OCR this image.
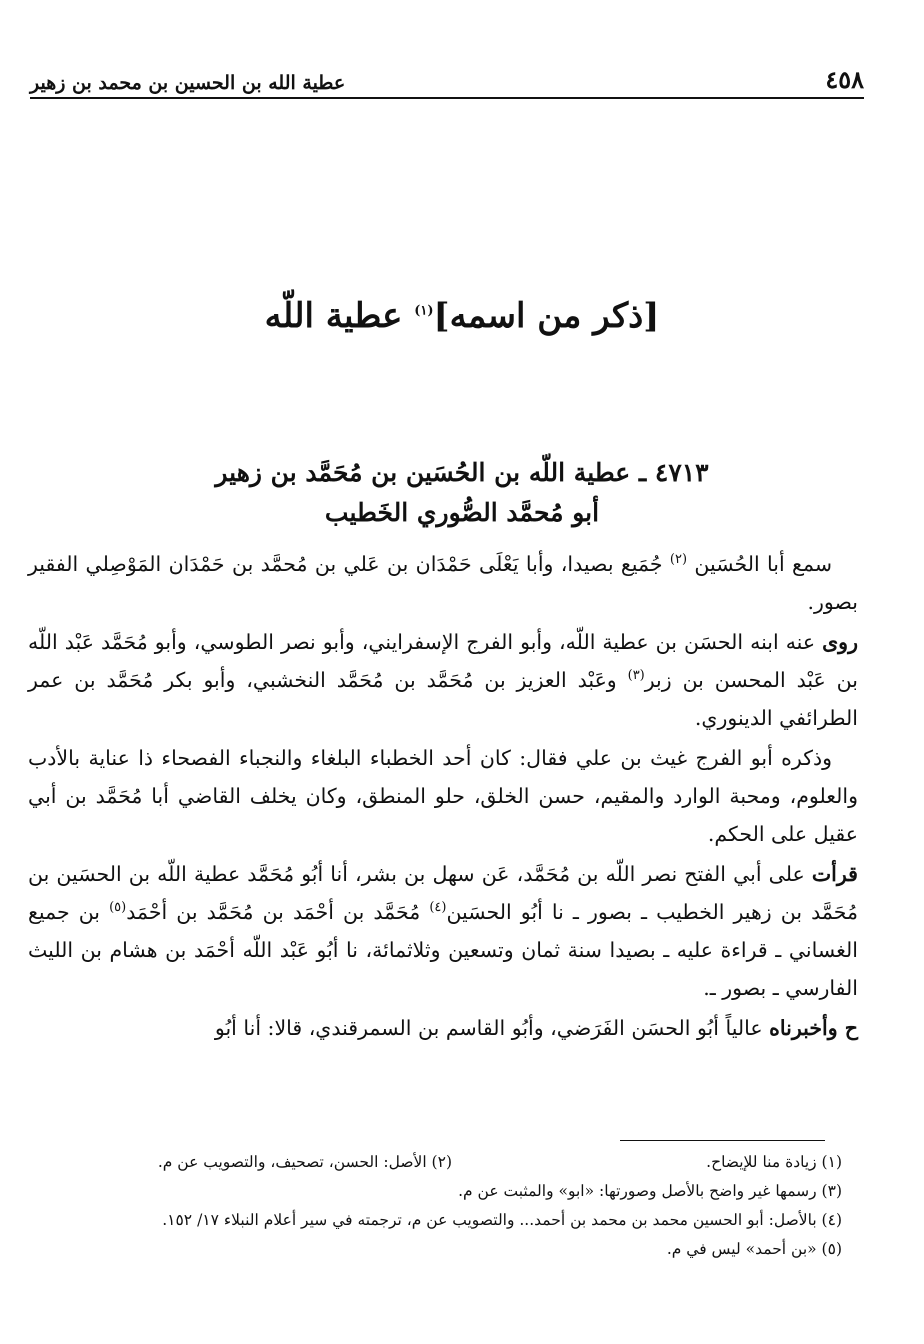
٤٥٨
عطية الله بن الحسين بن محمد بن زهير
[ذكر من اسمه]$^{(١)}$ عطية اللّه
٤٧١٣ ـ عطية اللّه بن الحُسَين بن مُحَمَّد بن زهير
أبو مُحمَّد الصُّوري الخَطيب

سمع أبا الحُسَين $^{(٢)}$ جُمَيع بصيدا، وأبا يَعْلَى حَمْدَان بن عَلي بن مُحمَّد بن حَمْدَان المَوْصِلي الفقير بصور.

روى عنه ابنه الحسَن بن عطية اللّه، وأبو الفرج الإسفرايني، وأبو نصر الطوسي، وأبو مُحَمَّد عَبْد اللّه بن عَبْد المحسن بن زبر$^{(٣)}$ وعَبْد العزيز بن مُحَمَّد بن مُحَمَّد النخشبي، وأبو بكر مُحَمَّد بن عمر الطرائفي الدينوري.

وذكره أبو الفرج غيث بن علي فقال: كان أحد الخطباء البلغاء والنجباء الفصحاء ذا عناية بالأدب والعلوم، ومحبة الوارد والمقيم، حسن الخلق، حلو المنطق، وكان يخلف القاضي أبا مُحَمَّد بن أبي عقيل على الحكم.

قرأت على أبي الفتح نصر اللّه بن مُحَمَّد، عَن سهل بن بشر، أنا أبُو مُحَمَّد عطية اللّه بن الحسَين بن مُحَمَّد بن زهير الخطيب ـ بصور ـ نا أبُو الحسَين$^{(٤)}$ مُحَمَّد بن أحْمَد بن مُحَمَّد بن أحْمَد$^{(٥)}$ بن جميع الغساني ـ قراءة عليه ـ بصيدا سنة ثمان وتسعين وثلاثمائة، نا أبُو عَبْد اللّه أحْمَد بن هشام بن الليث الفارسي ـ بصور ـ.

ح وأخبرناه عالياً أبُو الحسَن الفَرَضي، وأبُو القاسم بن السمرقندي، قالا: أنا أبُو

(١) زيادة منا للإيضاح.
(٢) الأصل: الحسن، تصحيف، والتصويب عن م.
(٣) رسمها غير واضح بالأصل وصورتها: «ابو» والمثبت عن م.
(٤) بالأصل: أبو الحسين محمد بن محمد بن أحمد... والتصويب عن م، ترجمته في سير أعلام النبلاء ١٧/ ١٥٢.
(٥) «بن أحمد» ليس في م.
